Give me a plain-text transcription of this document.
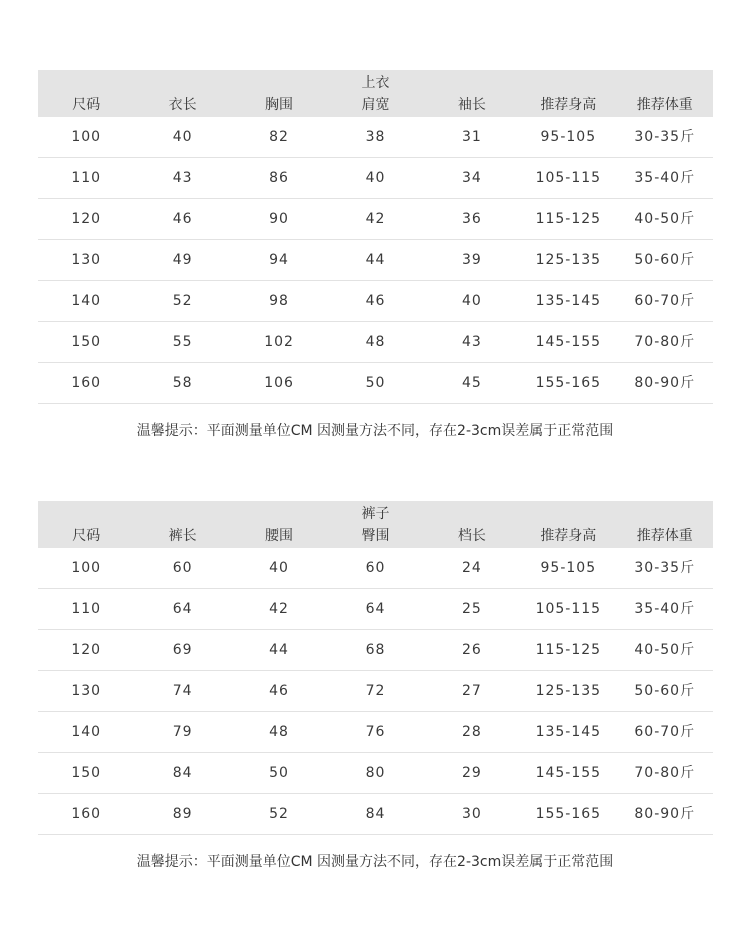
上衣
尺码	衣长	胸围	肩宽	袖长	推荐身高	推荐体重
100	40	82	38	31	95-105	30-35斤
110	43	86	40	34	105-115	35-40斤
120	46	90	42	36	115-125	40-50斤
130	49	94	44	39	125-135	50-60斤
140	52	98	46	40	135-145	60-70斤
150	55	102	48	43	145-155	70-80斤
160	58	106	50	45	155-165	80-90斤
温馨提示：平面测量单位CM 因测量方法不同，存在2-3cm误差属于正常范围
裤子
尺码	裤长	腰围	臀围	档长	推荐身高	推荐体重
100	60	40	60	24	95-105	30-35斤
110	64	42	64	25	105-115	35-40斤
120	69	44	68	26	115-125	40-50斤
130	74	46	72	27	125-135	50-60斤
140	79	48	76	28	135-145	60-70斤
150	84	50	80	29	145-155	70-80斤
160	89	52	84	30	155-165	80-90斤
温馨提示：平面测量单位CM 因测量方法不同，存在2-3cm误差属于正常范围
